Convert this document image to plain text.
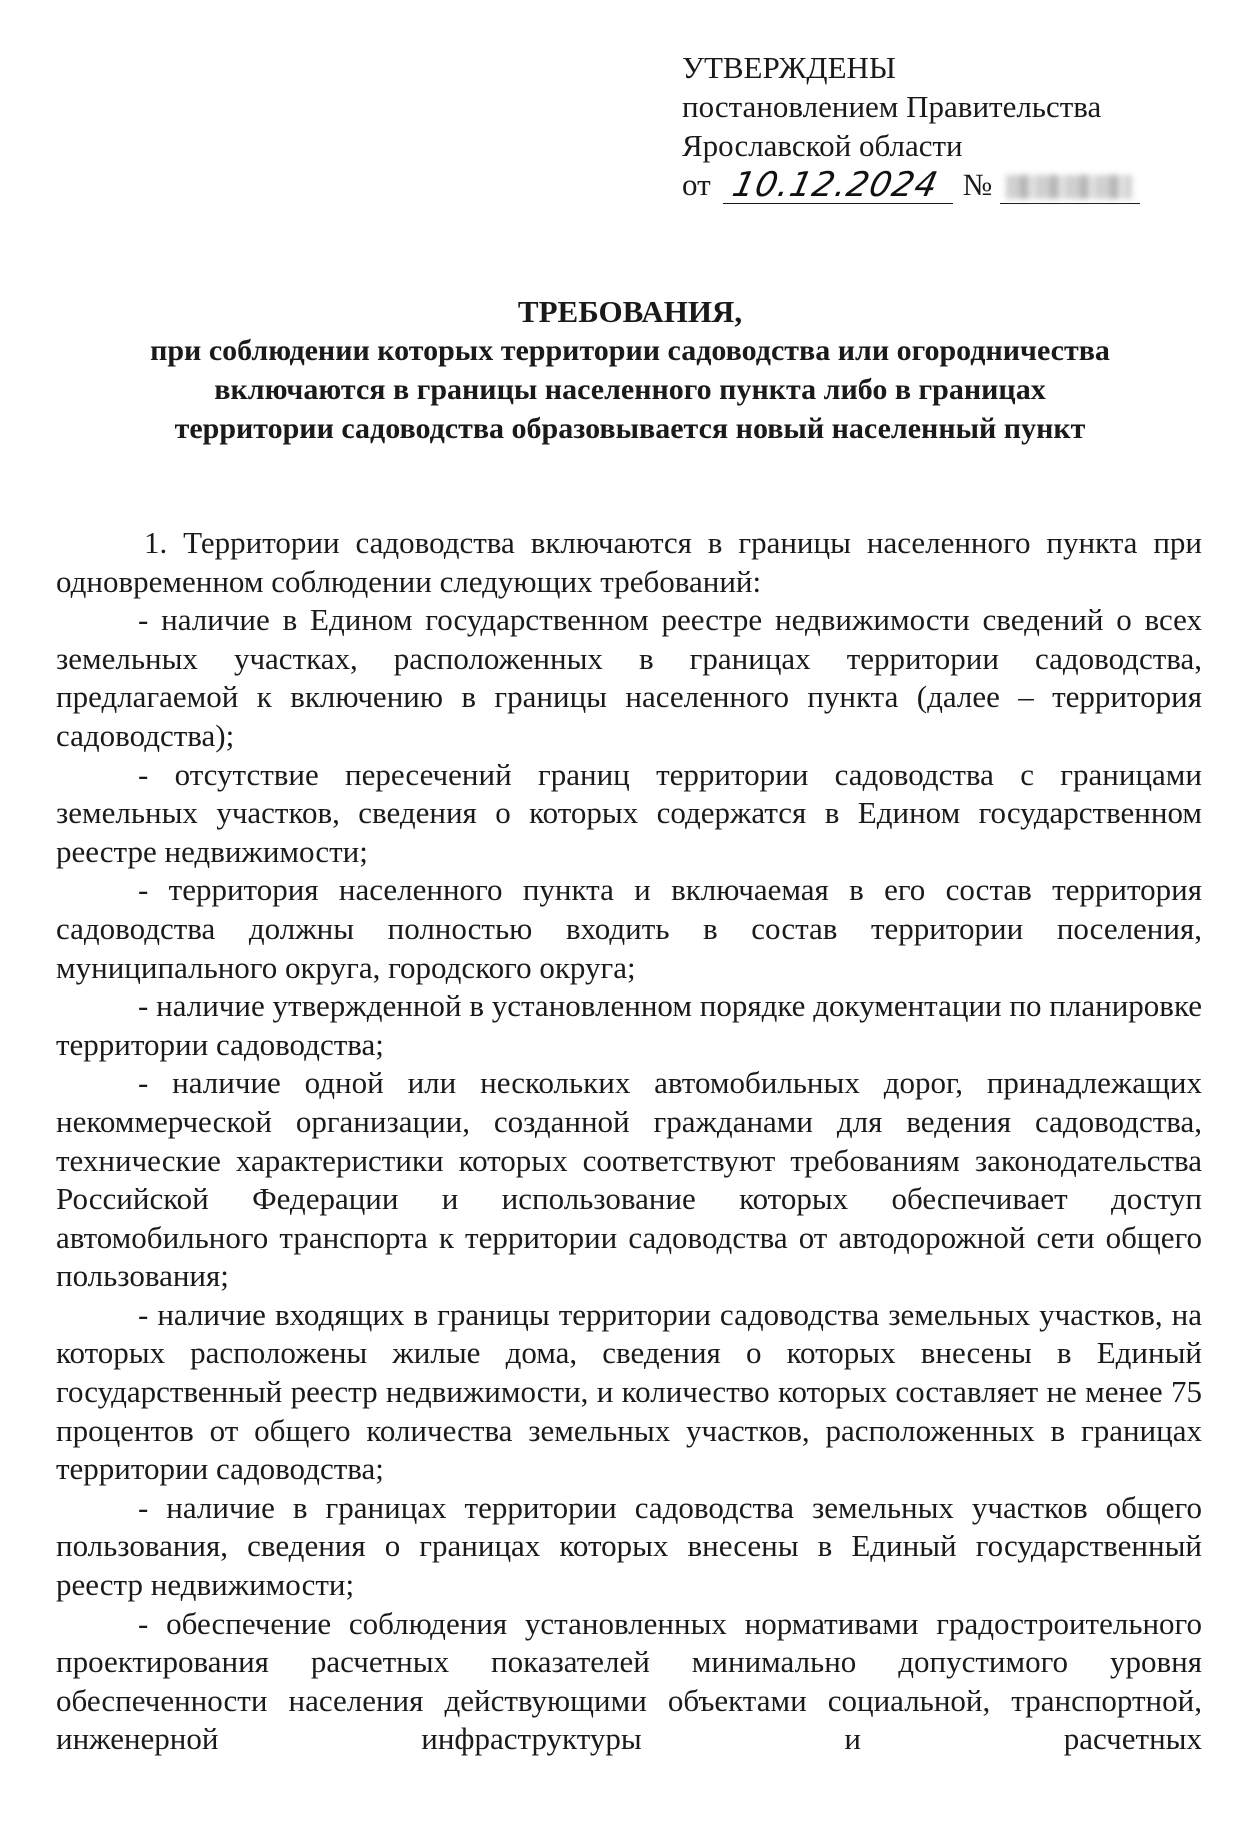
УТВЕРЖДЕНЫ
постановлением Правительства
Ярославской области
от 10.12.2024 №
ТРЕБОВАНИЯ,
при соблюдении которых территории садоводства или огородничества включаются в границы населенного пункта либо в границах территории садоводства образовывается новый населенный пункт

1. Территории садоводства включаются в границы населенного пункта при одновременном соблюдении следующих требований:

- наличие в Едином государственном реестре недвижимости сведений о всех земельных участках, расположенных в границах территории садоводства, предлагаемой к включению в границы населенного пункта (далее – территория садоводства);

- отсутствие пересечений границ территории садоводства с границами земельных участков, сведения о которых содержатся в Едином государственном реестре недвижимости;

- территория населенного пункта и включаемая в его состав территория садоводства должны полностью входить в состав территории поселения, муниципального округа, городского округа;

- наличие утвержденной в установленном порядке документации по планировке территории садоводства;

- наличие одной или нескольких автомобильных дорог, принадлежащих некоммерческой организации, созданной гражданами для ведения садоводства, технические характеристики которых соответствуют требованиям законодательства Российской Федерации и использование которых обеспечивает доступ автомобильного транспорта к территории садоводства от автодорожной сети общего пользования;

- наличие входящих в границы территории садоводства земельных участков, на которых расположены жилые дома, сведения о которых внесены в Единый государственный реестр недвижимости, и количество которых составляет не менее 75 процентов от общего количества земельных участков, расположенных в границах территории садоводства;

- наличие в границах территории садоводства земельных участков общего пользования, сведения о границах которых внесены в Единый государственный реестр недвижимости;

- обеспечение соблюдения установленных нормативами градостроительного проектирования расчетных показателей минимально допустимого уровня обеспеченности населения действующими объектами социальной, транспортной, инженерной инфраструктуры и расчетных
